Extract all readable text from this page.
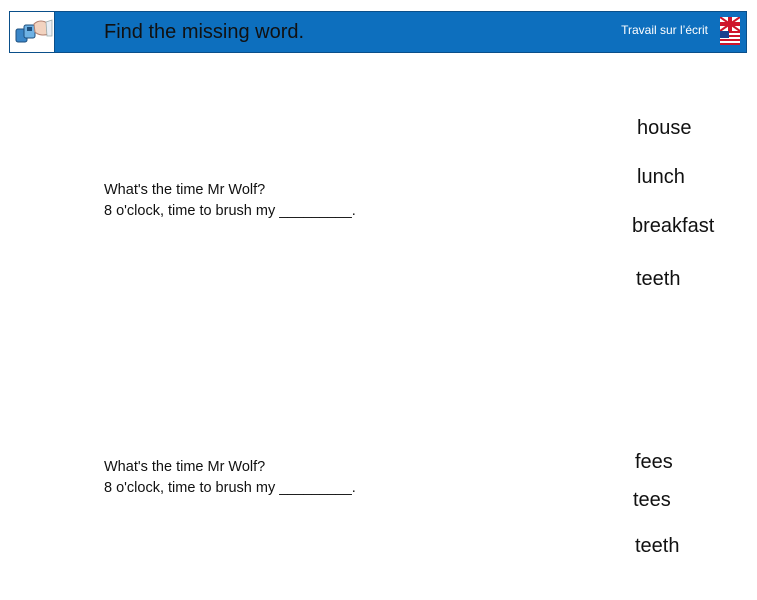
Find the missing word.	Travail sur l’écrit
What's the time Mr Wolf?
8 o'clock, time to brush my _________.
house
lunch
breakfast
teeth
What's the time Mr Wolf?
8 o'clock, time to brush my _________.
fees
tees
teeth
